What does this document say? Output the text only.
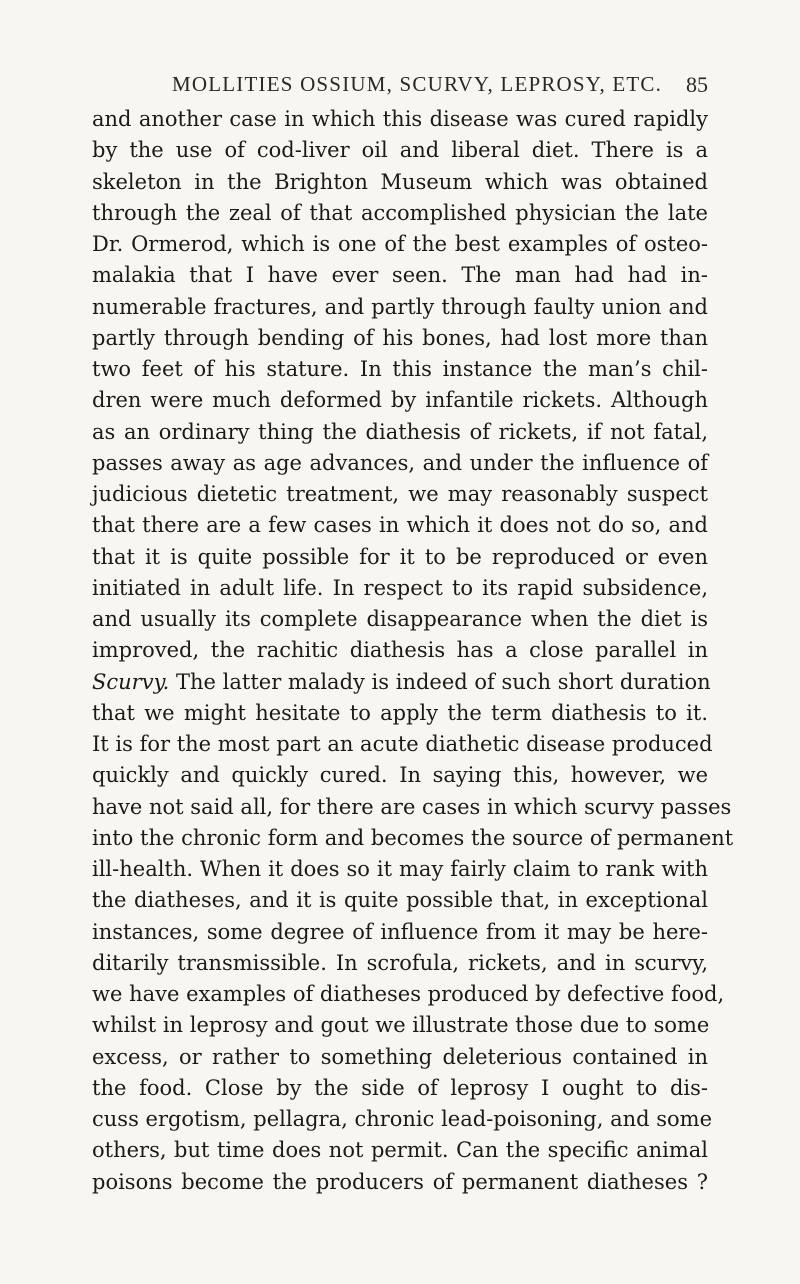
MOLLITIES OSSIUM, SCURVY, LEPROSY, ETC. 85
and another case in which this disease was cured rapidly
by the use of cod-liver oil and liberal diet. There is a
skeleton in the Brighton Museum which was obtained
through the zeal of that accomplished physician the late
Dr. Ormerod, which is one of the best examples of osteo-
malakia that I have ever seen. The man had had in-
numerable fractures, and partly through faulty union and
partly through bending of his bones, had lost more than
two feet of his stature. In this instance the man’s chil-
dren were much deformed by infantile rickets. Although
as an ordinary thing the diathesis of rickets, if not fatal,
passes away as age advances, and under the influence of
judicious dietetic treatment, we may reasonably suspect
that there are a few cases in which it does not do so, and
that it is quite possible for it to be reproduced or even
initiated in adult life. In respect to its rapid subsidence,
and usually its complete disappearance when the diet is
improved, the rachitic diathesis has a close parallel in
Scurvy. The latter malady is indeed of such short duration
that we might hesitate to apply the term diathesis to it.
It is for the most part an acute diathetic disease produced
quickly and quickly cured. In saying this, however, we
have not said all, for there are cases in which scurvy passes
into the chronic form and becomes the source of permanent
ill-health. When it does so it may fairly claim to rank with
the diatheses, and it is quite possible that, in exceptional
instances, some degree of influence from it may be here-
ditarily transmissible. In scrofula, rickets, and in scurvy,
we have examples of diatheses produced by defective food,
whilst in leprosy and gout we illustrate those due to some
excess, or rather to something deleterious contained in
the food. Close by the side of leprosy I ought to dis-
cuss ergotism, pellagra, chronic lead-poisoning, and some
others, but time does not permit. Can the specific animal
poisons become the producers of permanent diatheses ?
